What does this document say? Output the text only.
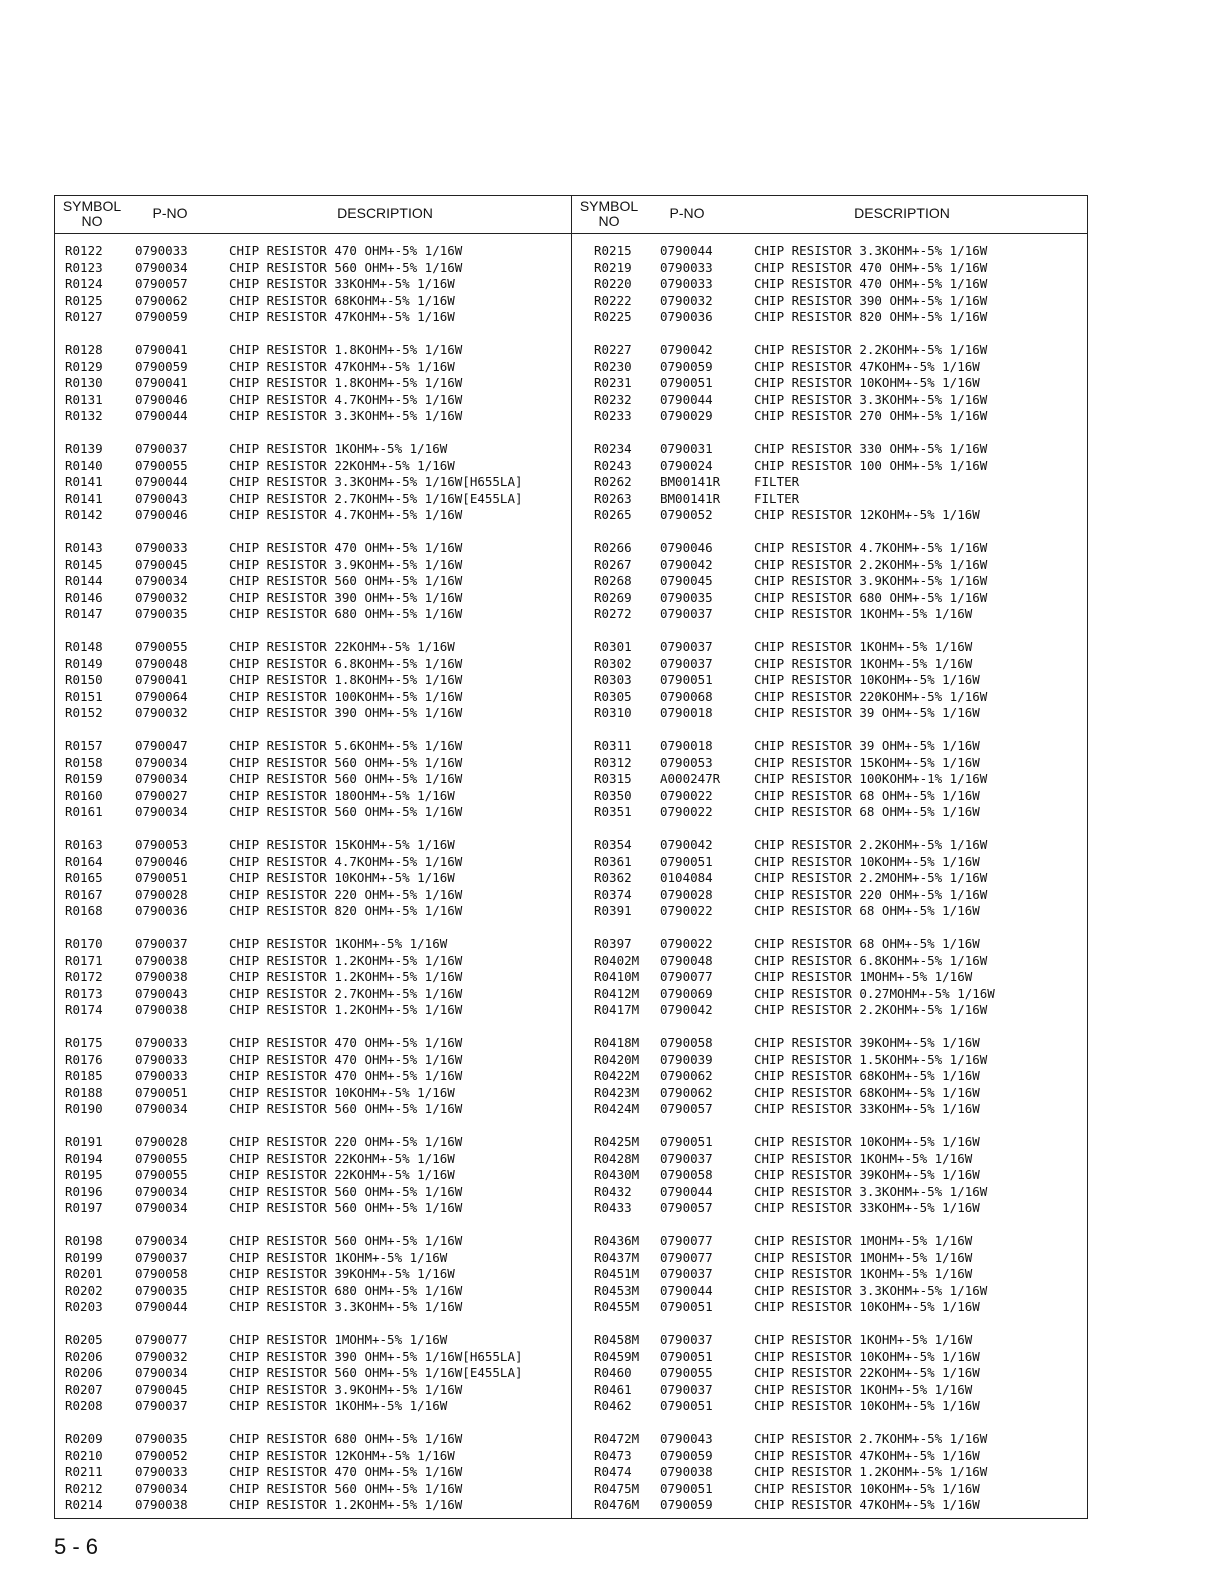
SYMBOL
NO	P-NO	DESCRIPTION
R0122	0790033	CHIP RESISTOR 470 OHM+-5% 1/16W
R0123	0790034	CHIP RESISTOR 560 OHM+-5% 1/16W
R0124	0790057	CHIP RESISTOR 33KOHM+-5% 1/16W
R0125	0790062	CHIP RESISTOR 68KOHM+-5% 1/16W
R0127	0790059	CHIP RESISTOR 47KOHM+-5% 1/16W
R0128	0790041	CHIP RESISTOR 1.8KOHM+-5% 1/16W
R0129	0790059	CHIP RESISTOR 47KOHM+-5% 1/16W
R0130	0790041	CHIP RESISTOR 1.8KOHM+-5% 1/16W
R0131	0790046	CHIP RESISTOR 4.7KOHM+-5% 1/16W
R0132	0790044	CHIP RESISTOR 3.3KOHM+-5% 1/16W
R0139	0790037	CHIP RESISTOR 1KOHM+-5% 1/16W
R0140	0790055	CHIP RESISTOR 22KOHM+-5% 1/16W
R0141	0790044	CHIP RESISTOR 3.3KOHM+-5% 1/16W[H655LA]
R0141	0790043	CHIP RESISTOR 2.7KOHM+-5% 1/16W[E455LA]
R0142	0790046	CHIP RESISTOR 4.7KOHM+-5% 1/16W
R0143	0790033	CHIP RESISTOR 470 OHM+-5% 1/16W
R0145	0790045	CHIP RESISTOR 3.9KOHM+-5% 1/16W
R0144	0790034	CHIP RESISTOR 560 OHM+-5% 1/16W
R0146	0790032	CHIP RESISTOR 390 OHM+-5% 1/16W
R0147	0790035	CHIP RESISTOR 680 OHM+-5% 1/16W
R0148	0790055	CHIP RESISTOR 22KOHM+-5% 1/16W
R0149	0790048	CHIP RESISTOR 6.8KOHM+-5% 1/16W
R0150	0790041	CHIP RESISTOR 1.8KOHM+-5% 1/16W
R0151	0790064	CHIP RESISTOR 100KOHM+-5% 1/16W
R0152	0790032	CHIP RESISTOR 390 OHM+-5% 1/16W
R0157	0790047	CHIP RESISTOR 5.6KOHM+-5% 1/16W
R0158	0790034	CHIP RESISTOR 560 OHM+-5% 1/16W
R0159	0790034	CHIP RESISTOR 560 OHM+-5% 1/16W
R0160	0790027	CHIP RESISTOR 180OHM+-5% 1/16W
R0161	0790034	CHIP RESISTOR 560 OHM+-5% 1/16W
R0163	0790053	CHIP RESISTOR 15KOHM+-5% 1/16W
R0164	0790046	CHIP RESISTOR 4.7KOHM+-5% 1/16W
R0165	0790051	CHIP RESISTOR 10KOHM+-5% 1/16W
R0167	0790028	CHIP RESISTOR 220 OHM+-5% 1/16W
R0168	0790036	CHIP RESISTOR 820 OHM+-5% 1/16W
R0170	0790037	CHIP RESISTOR 1KOHM+-5% 1/16W
R0171	0790038	CHIP RESISTOR 1.2KOHM+-5% 1/16W
R0172	0790038	CHIP RESISTOR 1.2KOHM+-5% 1/16W
R0173	0790043	CHIP RESISTOR 2.7KOHM+-5% 1/16W
R0174	0790038	CHIP RESISTOR 1.2KOHM+-5% 1/16W
R0175	0790033	CHIP RESISTOR 470 OHM+-5% 1/16W
R0176	0790033	CHIP RESISTOR 470 OHM+-5% 1/16W
R0185	0790033	CHIP RESISTOR 470 OHM+-5% 1/16W
R0188	0790051	CHIP RESISTOR 10KOHM+-5% 1/16W
R0190	0790034	CHIP RESISTOR 560 OHM+-5% 1/16W
R0191	0790028	CHIP RESISTOR 220 OHM+-5% 1/16W
R0194	0790055	CHIP RESISTOR 22KOHM+-5% 1/16W
R0195	0790055	CHIP RESISTOR 22KOHM+-5% 1/16W
R0196	0790034	CHIP RESISTOR 560 OHM+-5% 1/16W
R0197	0790034	CHIP RESISTOR 560 OHM+-5% 1/16W
R0198	0790034	CHIP RESISTOR 560 OHM+-5% 1/16W
R0199	0790037	CHIP RESISTOR 1KOHM+-5% 1/16W
R0201	0790058	CHIP RESISTOR 39KOHM+-5% 1/16W
R0202	0790035	CHIP RESISTOR 680 OHM+-5% 1/16W
R0203	0790044	CHIP RESISTOR 3.3KOHM+-5% 1/16W
R0205	0790077	CHIP RESISTOR 1MOHM+-5% 1/16W
R0206	0790032	CHIP RESISTOR 390 OHM+-5% 1/16W[H655LA]
R0206	0790034	CHIP RESISTOR 560 OHM+-5% 1/16W[E455LA]
R0207	0790045	CHIP RESISTOR 3.9KOHM+-5% 1/16W
R0208	0790037	CHIP RESISTOR 1KOHM+-5% 1/16W
R0209	0790035	CHIP RESISTOR 680 OHM+-5% 1/16W
R0210	0790052	CHIP RESISTOR 12KOHM+-5% 1/16W
R0211	0790033	CHIP RESISTOR 470 OHM+-5% 1/16W
R0212	0790034	CHIP RESISTOR 560 OHM+-5% 1/16W
R0214	0790038	CHIP RESISTOR 1.2KOHM+-5% 1/16W
SYMBOL
NO	P-NO	DESCRIPTION
R0215 0790044	CHIP RESISTOR 3.3KOHM+-5% 1/16W
R0219 0790033	CHIP RESISTOR 470 OHM+-5% 1/16W
R0220 0790033	CHIP RESISTOR 470 OHM+-5% 1/16W
R0222 0790032	CHIP RESISTOR 390 OHM+-5% 1/16W
R0225 0790036	CHIP RESISTOR 820 OHM+-5% 1/16W
R0227 0790042	CHIP RESISTOR 2.2KOHM+-5% 1/16W
R0230 0790059	CHIP RESISTOR 47KOHM+-5% 1/16W
R0231 0790051	CHIP RESISTOR 10KOHM+-5% 1/16W
R0232 0790044	CHIP RESISTOR 3.3KOHM+-5% 1/16W
R0233 0790029	CHIP RESISTOR 270 OHM+-5% 1/16W
R0234 0790031	CHIP RESISTOR 330 OHM+-5% 1/16W
R0243 0790024	CHIP RESISTOR 100 OHM+-5% 1/16W
R0262 BM00141R	FILTER
R0263 BM00141R	FILTER
R0265 0790052	CHIP RESISTOR 12KOHM+-5% 1/16W
R0266 0790046	CHIP RESISTOR 4.7KOHM+-5% 1/16W
R0267 0790042	CHIP RESISTOR 2.2KOHM+-5% 1/16W
R0268 0790045	CHIP RESISTOR 3.9KOHM+-5% 1/16W
R0269 0790035	CHIP RESISTOR 680 OHM+-5% 1/16W
R0272 0790037	CHIP RESISTOR 1KOHM+-5% 1/16W
R0301 0790037	CHIP RESISTOR 1KOHM+-5% 1/16W
R0302 0790037	CHIP RESISTOR 1KOHM+-5% 1/16W
R0303 0790051	CHIP RESISTOR 10KOHM+-5% 1/16W
R0305 0790068	CHIP RESISTOR 220KOHM+-5% 1/16W
R0310 0790018	CHIP RESISTOR 39 OHM+-5% 1/16W
R0311 0790018	CHIP RESISTOR 39 OHM+-5% 1/16W
R0312 0790053	CHIP RESISTOR 15KOHM+-5% 1/16W
R0315 A000247R	CHIP RESISTOR 100KOHM+-1% 1/16W
R0350 0790022	CHIP RESISTOR 68 OHM+-5% 1/16W
R0351 0790022	CHIP RESISTOR 68 OHM+-5% 1/16W
R0354 0790042	CHIP RESISTOR 2.2KOHM+-5% 1/16W
R0361 0790051	CHIP RESISTOR 10KOHM+-5% 1/16W
R0362 0104084	CHIP RESISTOR 2.2MOHM+-5% 1/16W
R0374 0790028	CHIP RESISTOR 220 OHM+-5% 1/16W
R0391 0790022	CHIP RESISTOR 68 OHM+-5% 1/16W
R0397 0790022	CHIP RESISTOR 68 OHM+-5% 1/16W
R0402M 0790048	CHIP RESISTOR 6.8KOHM+-5% 1/16W
R0410M 0790077	CHIP RESISTOR 1MOHM+-5% 1/16W
R0412M 0790069	CHIP RESISTOR 0.27MOHM+-5% 1/16W
R0417M 0790042	CHIP RESISTOR 2.2KOHM+-5% 1/16W
R0418M 0790058	CHIP RESISTOR 39KOHM+-5% 1/16W
R0420M 0790039	CHIP RESISTOR 1.5KOHM+-5% 1/16W
R0422M 0790062	CHIP RESISTOR 68KOHM+-5% 1/16W
R0423M 0790062	CHIP RESISTOR 68KOHM+-5% 1/16W
R0424M 0790057	CHIP RESISTOR 33KOHM+-5% 1/16W
R0425M 0790051	CHIP RESISTOR 10KOHM+-5% 1/16W
R0428M 0790037	CHIP RESISTOR 1KOHM+-5% 1/16W
R0430M 0790058	CHIP RESISTOR 39KOHM+-5% 1/16W
R0432 0790044	CHIP RESISTOR 3.3KOHM+-5% 1/16W
R0433 0790057	CHIP RESISTOR 33KOHM+-5% 1/16W
R0436M 0790077	CHIP RESISTOR 1MOHM+-5% 1/16W
R0437M 0790077	CHIP RESISTOR 1MOHM+-5% 1/16W
R0451M 0790037	CHIP RESISTOR 1KOHM+-5% 1/16W
R0453M 0790044	CHIP RESISTOR 3.3KOHM+-5% 1/16W
R0455M 0790051	CHIP RESISTOR 10KOHM+-5% 1/16W
R0458M 0790037	CHIP RESISTOR 1KOHM+-5% 1/16W
R0459M 0790051	CHIP RESISTOR 10KOHM+-5% 1/16W
R0460 0790055	CHIP RESISTOR 22KOHM+-5% 1/16W
R0461 0790037	CHIP RESISTOR 1KOHM+-5% 1/16W
R0462 0790051	CHIP RESISTOR 10KOHM+-5% 1/16W
R0472M 0790043	CHIP RESISTOR 2.7KOHM+-5% 1/16W
R0473 0790059	CHIP RESISTOR 47KOHM+-5% 1/16W
R0474 0790038	CHIP RESISTOR 1.2KOHM+-5% 1/16W
R0475M 0790051	CHIP RESISTOR 10KOHM+-5% 1/16W
R0476M 0790059	CHIP RESISTOR 47KOHM+-5% 1/16W
5 - 6
